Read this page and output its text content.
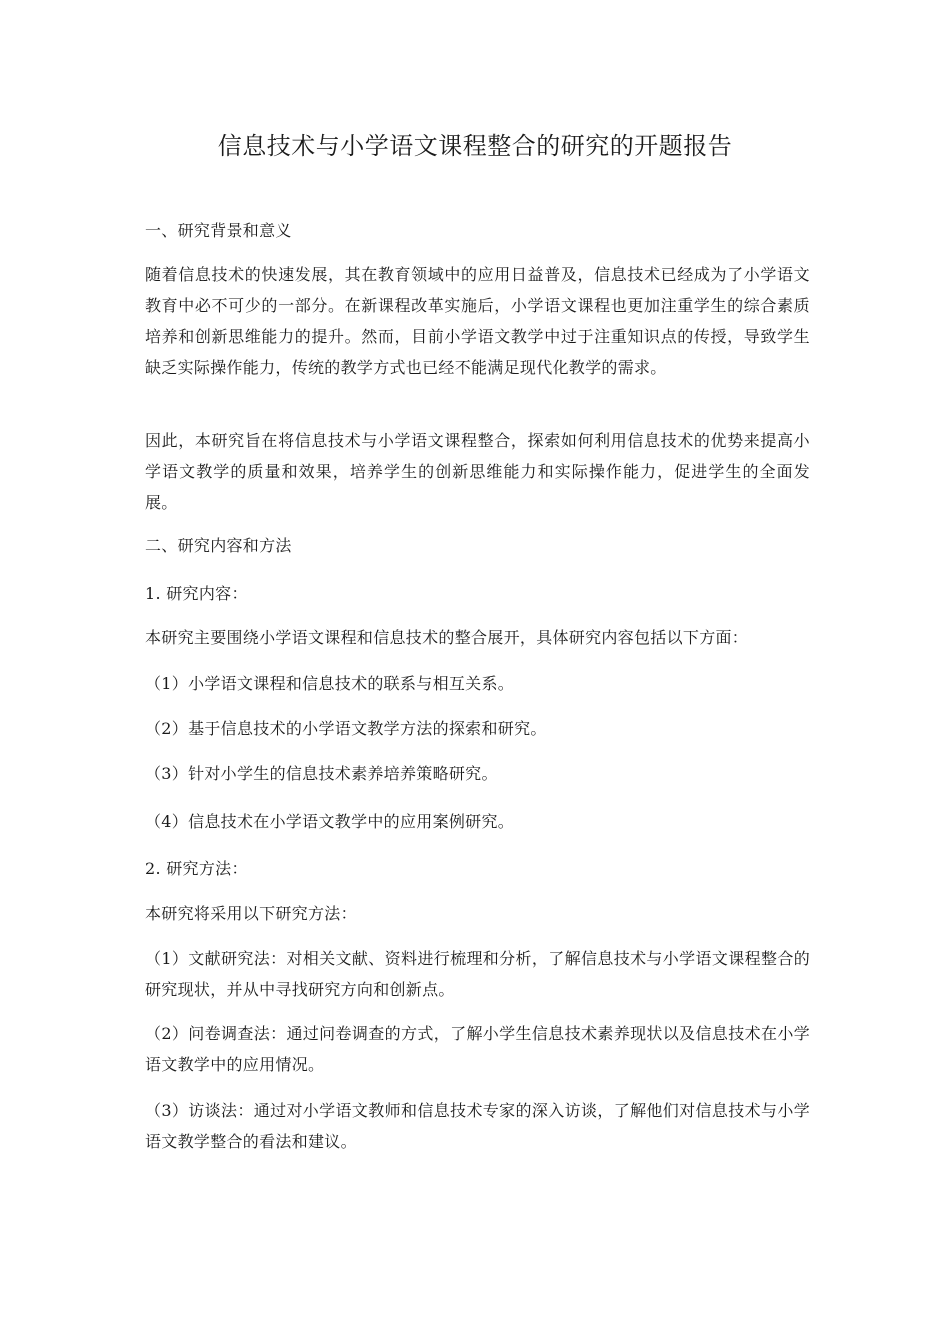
信息技术与小学语文课程整合的研究的开题报告
一、研究背景和意义

随着信息技术的快速发展，其在教育领域中的应用日益普及，信息技术已经成为了小学语文教育中必不可少的一部分。在新课程改革实施后，小学语文课程也更加注重学生的综合素质培养和创新思维能力的提升。然而，目前小学语文教学中过于注重知识点的传授，导致学生缺乏实际操作能力，传统的教学方式也已经不能满足现代化教学的需求。

因此，本研究旨在将信息技术与小学语文课程整合，探索如何利用信息技术的优势来提高小学语文教学的质量和效果，培养学生的创新思维能力和实际操作能力，促进学生的全面发展。

二、研究内容和方法
1. 研究内容：

本研究主要围绕小学语文课程和信息技术的整合展开，具体研究内容包括以下方面：

（1）小学语文课程和信息技术的联系与相互关系。

（2）基于信息技术的小学语文教学方法的探索和研究。

（3）针对小学生的信息技术素养培养策略研究。

（4）信息技术在小学语文教学中的应用案例研究。

2. 研究方法：

本研究将采用以下研究方法：

（1）文献研究法：对相关文献、资料进行梳理和分析，了解信息技术与小学语文课程整合的研究现状，并从中寻找研究方向和创新点。

（2）问卷调查法：通过问卷调查的方式，了解小学生信息技术素养现状以及信息技术在小学语文教学中的应用情况。

（3）访谈法：通过对小学语文教师和信息技术专家的深入访谈，了解他们对信息技术与小学语文教学整合的看法和建议。
